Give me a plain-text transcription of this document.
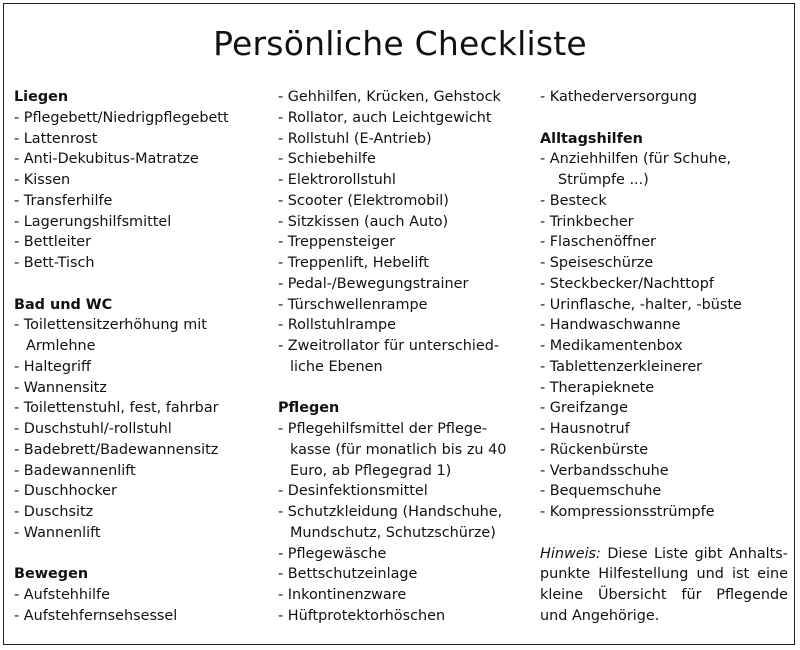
Persönliche Checkliste
Liegen
- Pflegebett/Niedrigpflegebett
- Lattenrost
- Anti-Dekubitus-Matratze
- Kissen
- Transferhilfe
- Lagerungshilfsmittel
- Bettleiter
- Bett-Tisch
Bad und WC
- Toilettensitzerhöhung mit
Armlehne
- Haltegriff
- Wannensitz
- Toilettenstuhl, fest, fahrbar
- Duschstuhl/-rollstuhl
- Badebrett/Badewannensitz
- Badewannenlift
- Duschhocker
- Duschsitz
- Wannenlift
Bewegen
- Aufstehhilfe
- Aufstehfernsehsessel
- Gehhilfen, Krücken, Gehstock
- Rollator, auch Leichtgewicht
- Rollstuhl (E-Antrieb)
- Schiebehilfe
- Elektrorollstuhl
- Scooter (Elektromobil)
- Sitzkissen (auch Auto)
- Treppensteiger
- Treppenlift, Hebelift
- Pedal-/Bewegungstrainer
- Türschwellenrampe
- Rollstuhlrampe
- Zweitrollator für unterschied-
liche Ebenen
Pflegen
- Pflegehilfsmittel der Pflege-
kasse (für monatlich bis zu 40
Euro, ab Pflegegrad 1)
- Desinfektionsmittel
- Schutzkleidung (Handschuhe,
Mundschutz, Schutzschürze)
- Pflegewäsche
- Bettschutzeinlage
- Inkontinenzware
- Hüftprotektorhöschen
- Kathederversorgung
Alltagshilfen
- Anziehhilfen (für Schuhe,
Strümpfe ...)
- Besteck
- Trinkbecher
- Flaschenöffner
- Speiseschürze
- Steckbecker/Nachttopf
- Urinflasche, -halter, -büste
- Handwaschwanne
- Medikamentenbox
- Tablettenzerkleinerer
- Therapieknete
- Greifzange
- Hausnotruf
- Rückenbürste
- Verbandsschuhe
- Bequemschuhe
- Kompressionsstrümpfe
Hinweis: Diese Liste gibt Anhalts-
punkte Hilfestellung und ist eine
kleine Übersicht für Pflegende
und Angehörige.
